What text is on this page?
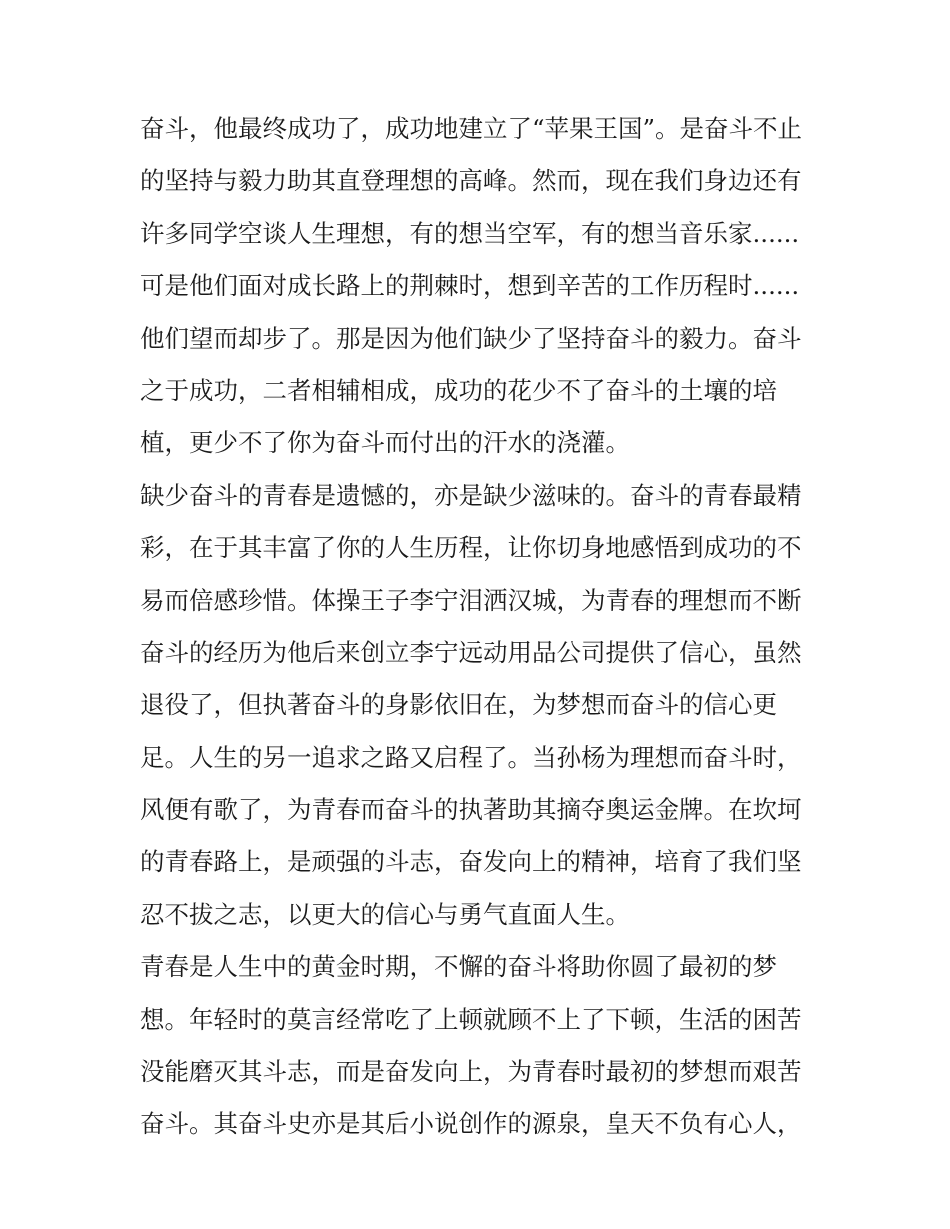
奋斗，他最终成功了，成功地建立了“苹果王国”。是奋斗不止
的坚持与毅力助其直登理想的高峰。然而，现在我们身边还有
许多同学空谈人生理想，有的想当空军，有的想当音乐家......
可是他们面对成长路上的荆棘时，想到辛苦的工作历程时......
他们望而却步了。那是因为他们缺少了坚持奋斗的毅力。奋斗
之于成功，二者相辅相成，成功的花少不了奋斗的土壤的培
植，更少不了你为奋斗而付出的汗水的浇灌。
缺少奋斗的青春是遗憾的，亦是缺少滋味的。奋斗的青春最精
彩，在于其丰富了你的人生历程，让你切身地感悟到成功的不
易而倍感珍惜。体操王子李宁泪洒汉城，为青春的理想而不断
奋斗的经历为他后来创立李宁远动用品公司提供了信心，虽然
退役了，但执著奋斗的身影依旧在，为梦想而奋斗的信心更
足。人生的另一追求之路又启程了。当孙杨为理想而奋斗时，
风便有歌了，为青春而奋斗的执著助其摘夺奥运金牌。在坎坷
的青春路上，是顽强的斗志，奋发向上的精神，培育了我们坚
忍不拔之志，以更大的信心与勇气直面人生。
青春是人生中的黄金时期，不懈的奋斗将助你圆了最初的梦
想。年轻时的莫言经常吃了上顿就顾不上了下顿，生活的困苦
没能磨灭其斗志，而是奋发向上，为青春时最初的梦想而艰苦
奋斗。其奋斗史亦是其后小说创作的源泉，皇天不负有心人，
